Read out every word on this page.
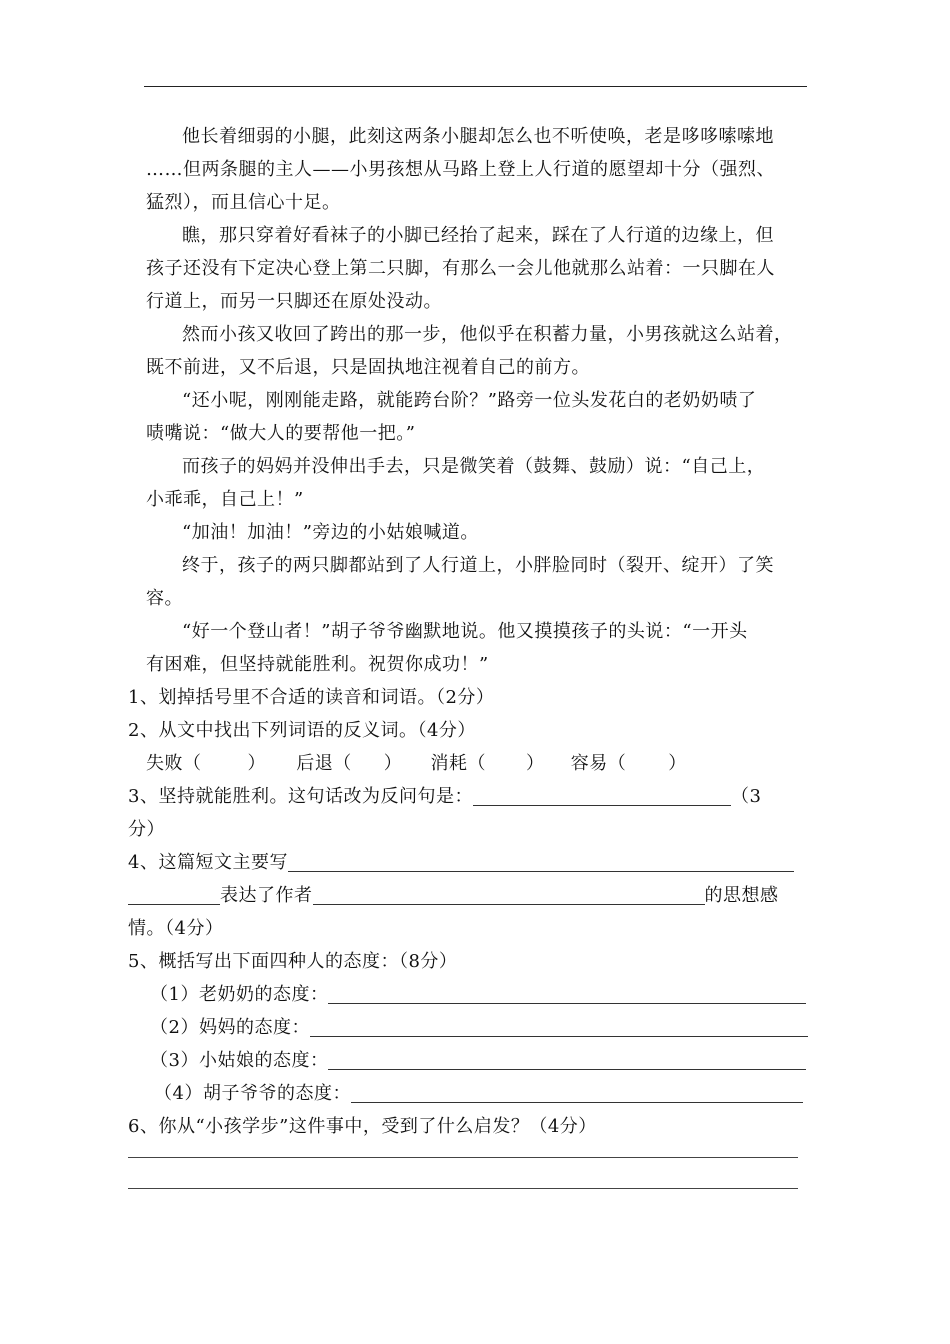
他长着细弱的小腿，此刻这两条小腿却怎么也不听使唤，老是哆哆嗦嗦地
……但两条腿的主人——小男孩想从马路上登上人行道的愿望却十分（强烈、
猛烈），而且信心十足。
瞧，那只穿着好看袜子的小脚已经抬了起来，踩在了人行道的边缘上，但
孩子还没有下定决心登上第二只脚，有那么一会儿他就那么站着：一只脚在人
行道上，而另一只脚还在原处没动。
然而小孩又收回了跨出的那一步，他似乎在积蓄力量，小男孩就这么站着，
既不前进，又不后退，只是固执地注视着自己的前方。
“还小呢，刚刚能走路，就能跨台阶？”路旁一位头发花白的老奶奶啧了
啧嘴说：“做大人的要帮他一把。”
而孩子的妈妈并没伸出手去，只是微笑着（鼓舞、鼓励）说：“自己上，
小乖乖，自己上！”
“加油！加油！”旁边的小姑娘喊道。
终于，孩子的两只脚都站到了人行道上，小胖脸同时（裂开、绽开）了笑
容。
“好一个登山者！”胡子爷爷幽默地说。他又摸摸孩子的头说：“一开头
有困难，但坚持就能胜利。祝贺你成功！”
1、划掉括号里不合适的读音和词语。（2分）
2、从文中找出下列词语的反义词。（4分）
失败（	） 后退（ ） 消耗（ ） 容易（ ）
3、坚持就能胜利。这句话改为反问句是：	（3
分）
4、这篇短文主要写
表达了作者	的思想感
情。（4分）
5、概括写出下面四种人的态度：（8分）
（1）老奶奶的态度：
（2）妈妈的态度：
（3）小姑娘的态度：
（4）胡子爷爷的态度：
6、你从“小孩学步”这件事中，受到了什么启发？（4分）
